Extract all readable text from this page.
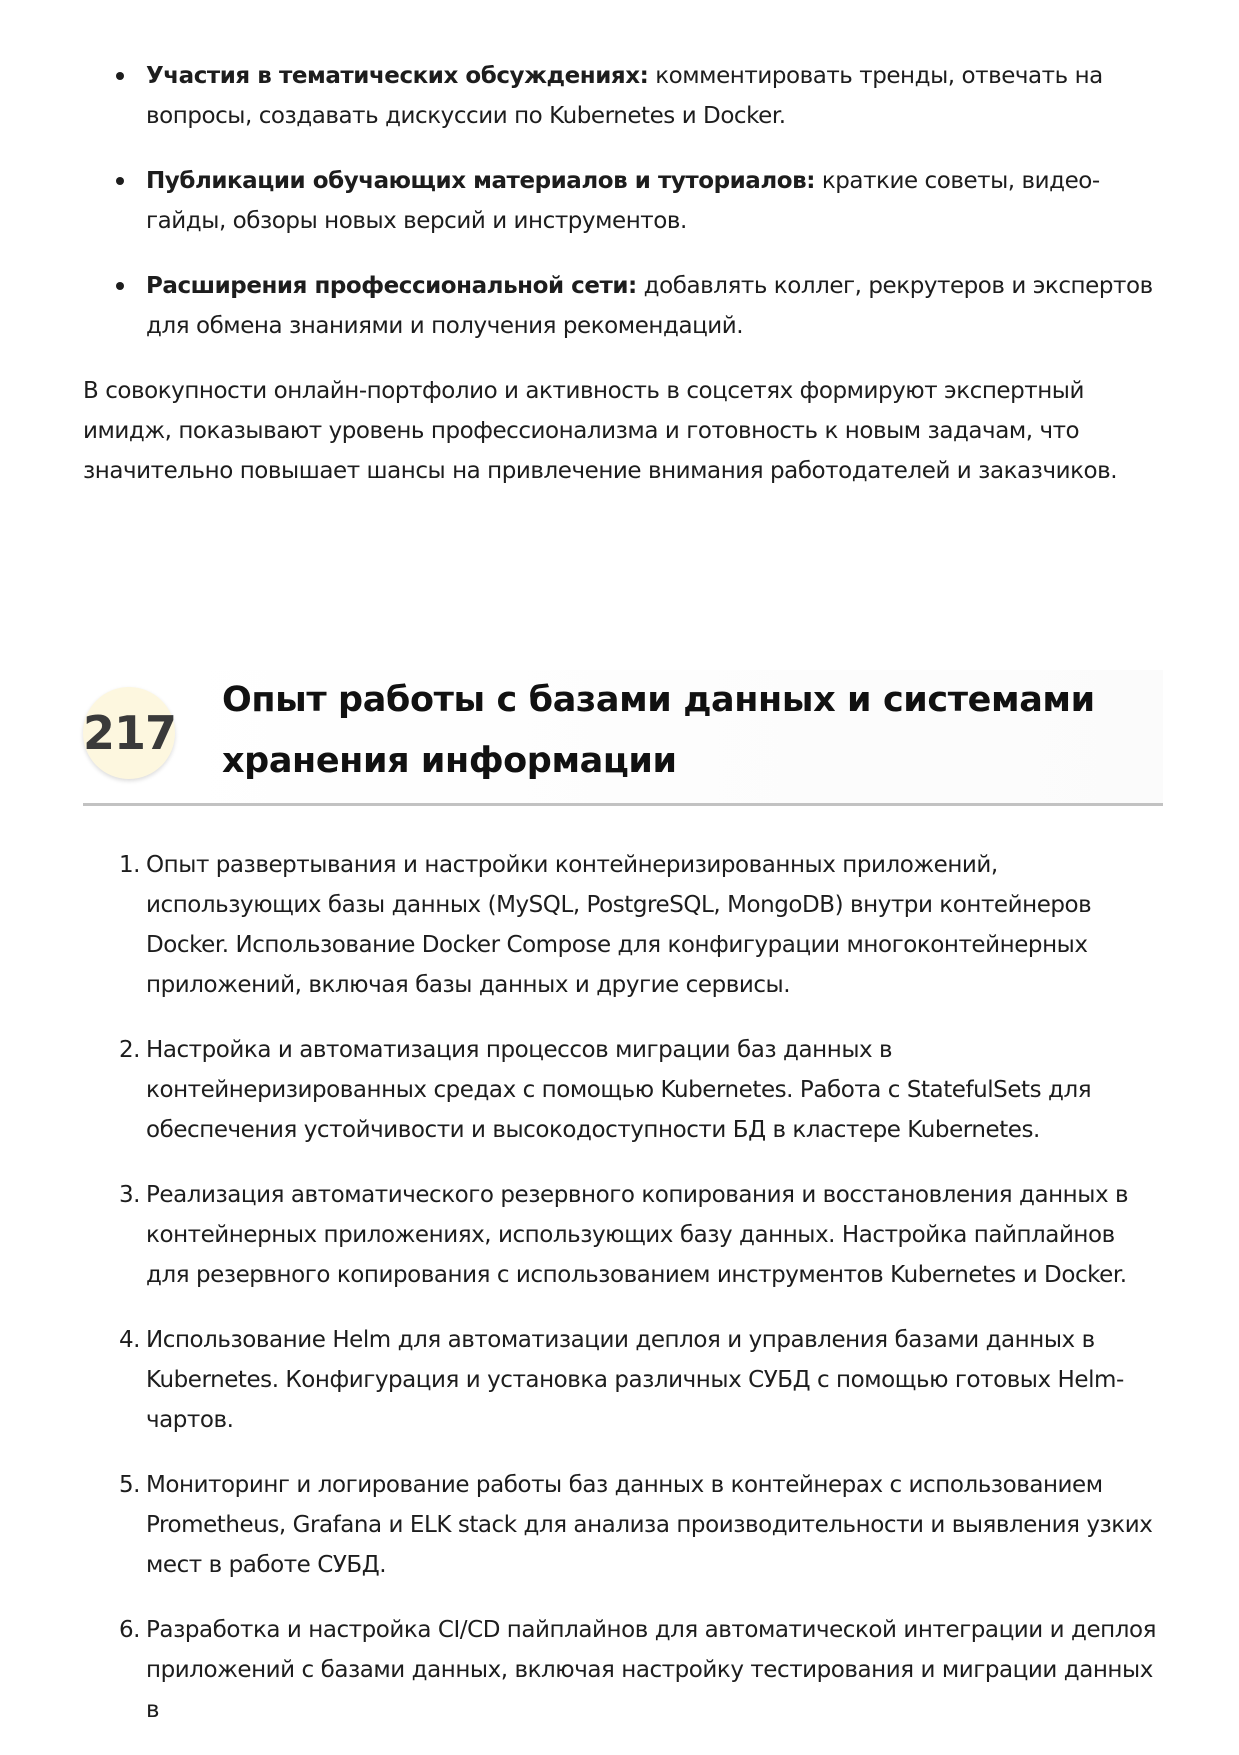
Участия в тематических обсуждениях: комментировать тренды, отвечать на вопросы, создавать дискуссии по Kubernetes и Docker.
Публикации обучающих материалов и туториалов: краткие советы, видео-гайды, обзоры новых версий и инструментов.
Расширения профессиональной сети: добавлять коллег, рекрутеров и экспертов для обмена знаниями и получения рекомендаций.

В совокупности онлайн-портфолио и активность в соцсетях формируют экспертный имидж, показывают уровень профессионализма и готовность к новым задачам, что значительно повышает шансы на привлечение внимания работодателей и заказчиков.

217
Опыт работы с базами данных и системами хранения информации
1. Опыт развертывания и настройки контейнеризированных приложений, использующих базы данных (MySQL, PostgreSQL, MongoDB) внутри контейнеров Docker. Использование Docker Compose для конфигурации многоконтейнерных приложений, включая базы данных и другие сервисы.
2. Настройка и автоматизация процессов миграции баз данных в контейнеризированных средах с помощью Kubernetes. Работа с StatefulSets для обеспечения устойчивости и высокодоступности БД в кластере Kubernetes.
3. Реализация автоматического резервного копирования и восстановления данных в контейнерных приложениях, использующих базу данных. Настройка пайплайнов для резервного копирования с использованием инструментов Kubernetes и Docker.
4. Использование Helm для автоматизации деплоя и управления базами данных в Kubernetes. Конфигурация и установка различных СУБД с помощью готовых Helm-чартов.
5. Мониторинг и логирование работы баз данных в контейнерах с использованием Prometheus, Grafana и ELK stack для анализа производительности и выявления узких мест в работе СУБД.
6. Разработка и настройка CI/CD пайплайнов для автоматической интеграции и деплоя приложений с базами данных, включая настройку тестирования и миграции данных в
